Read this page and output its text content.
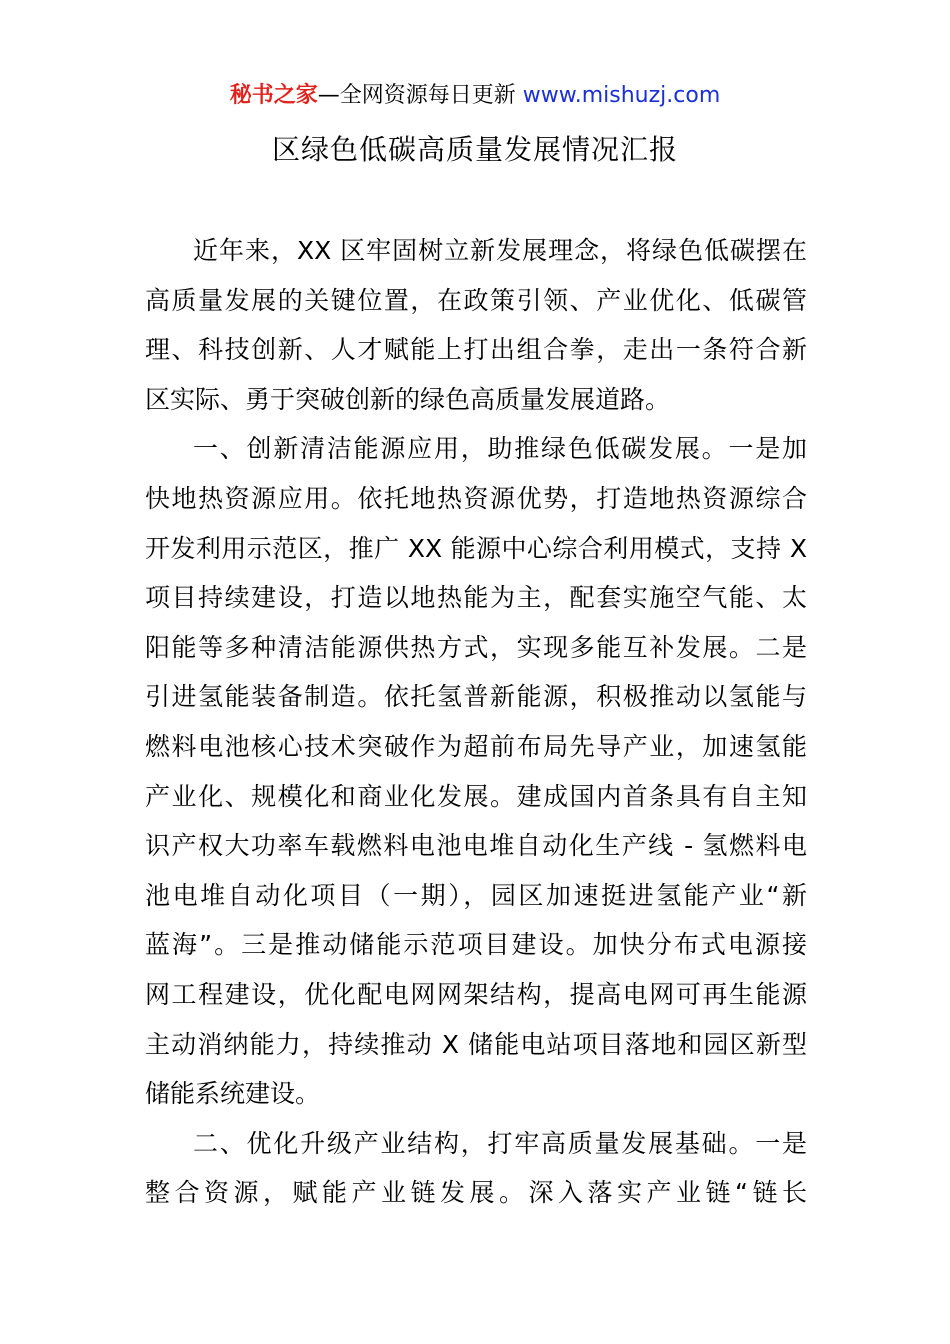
秘书之家—全网资源每日更新 www.mishuzj.com
区绿色低碳高质量发展情况汇报
近年来，XX 区牢固树立新发展理念，将绿色低碳摆在
高质量发展的关键位置，在政策引领、产业优化、低碳管
理、科技创新、人才赋能上打出组合拳，走出一条符合新
区实际、勇于突破创新的绿色高质量发展道路。
一、创新清洁能源应用，助推绿色低碳发展。一是加
快地热资源应用。依托地热资源优势，打造地热资源综合
开发利用示范区，推广 XX 能源中心综合利用模式，支持 X
项目持续建设，打造以地热能为主，配套实施空气能、太
阳能等多种清洁能源供热方式，实现多能互补发展。二是
引进氢能装备制造。依托氢普新能源，积极推动以氢能与
燃料电池核心技术突破作为超前布局先导产业，加速氢能
产业化、规模化和商业化发展。建成国内首条具有自主知
识产权大功率车载燃料电池电堆自动化生产线 - 氢燃料电
池电堆自动化项目（一期），园区加速挺进氢能产业“新
蓝海”。三是推动储能示范项目建设。加快分布式电源接
网工程建设，优化配电网网架结构，提高电网可再生能源
主动消纳能力，持续推动 X 储能电站项目落地和园区新型
储能系统建设。
二、优化升级产业结构，打牢高质量发展基础。一是
整合资源，赋能产业链发展。深入落实产业链“链长
